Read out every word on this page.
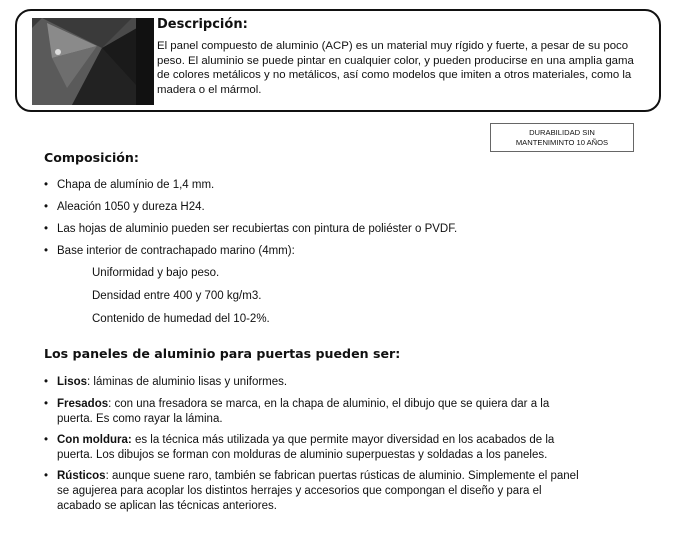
Descripción:
El panel compuesto de aluminio (ACP) es un material muy rígido y fuerte, a pesar de su poco peso. El aluminio se puede pintar en cualquier color, y pueden producirse en una amplia gama de colores metálicos y no metálicos, así como modelos que imiten a otros materiales, como la madera o el mármol.
DURABILIDAD SIN
MANTENIMINTO 10 AÑOS
Composición:
• Chapa de alumínio de 1,4 mm.
• Aleación 1050 y dureza H24.
• Las hojas de aluminio pueden ser recubiertas con pintura de poliéster o PVDF.
• Base interior de contrachapado marino (4mm):
Uniformidad y bajo peso.
Densidad entre 400 y 700 kg/m3.
Contenido de humedad del 10-2%.
Los paneles de aluminio para puertas pueden ser:
• Lisos: láminas de aluminio lisas y uniformes.
• Fresados: con una fresadora se marca, en la chapa de aluminio, el dibujo que se quiera dar a la puerta. Es como rayar la lámina.
• Con moldura: es la técnica más utilizada ya que permite mayor diversidad en los acabados de la puerta. Los dibujos se forman con molduras de aluminio superpuestas y soldadas a los paneles.
• Rústicos: aunque suene raro, también se fabrican puertas rústicas de aluminio. Simplemente el panel se agujerea para acoplar los distintos herrajes y accesorios que compongan el diseño y para el acabado se aplican las técnicas anteriores.
